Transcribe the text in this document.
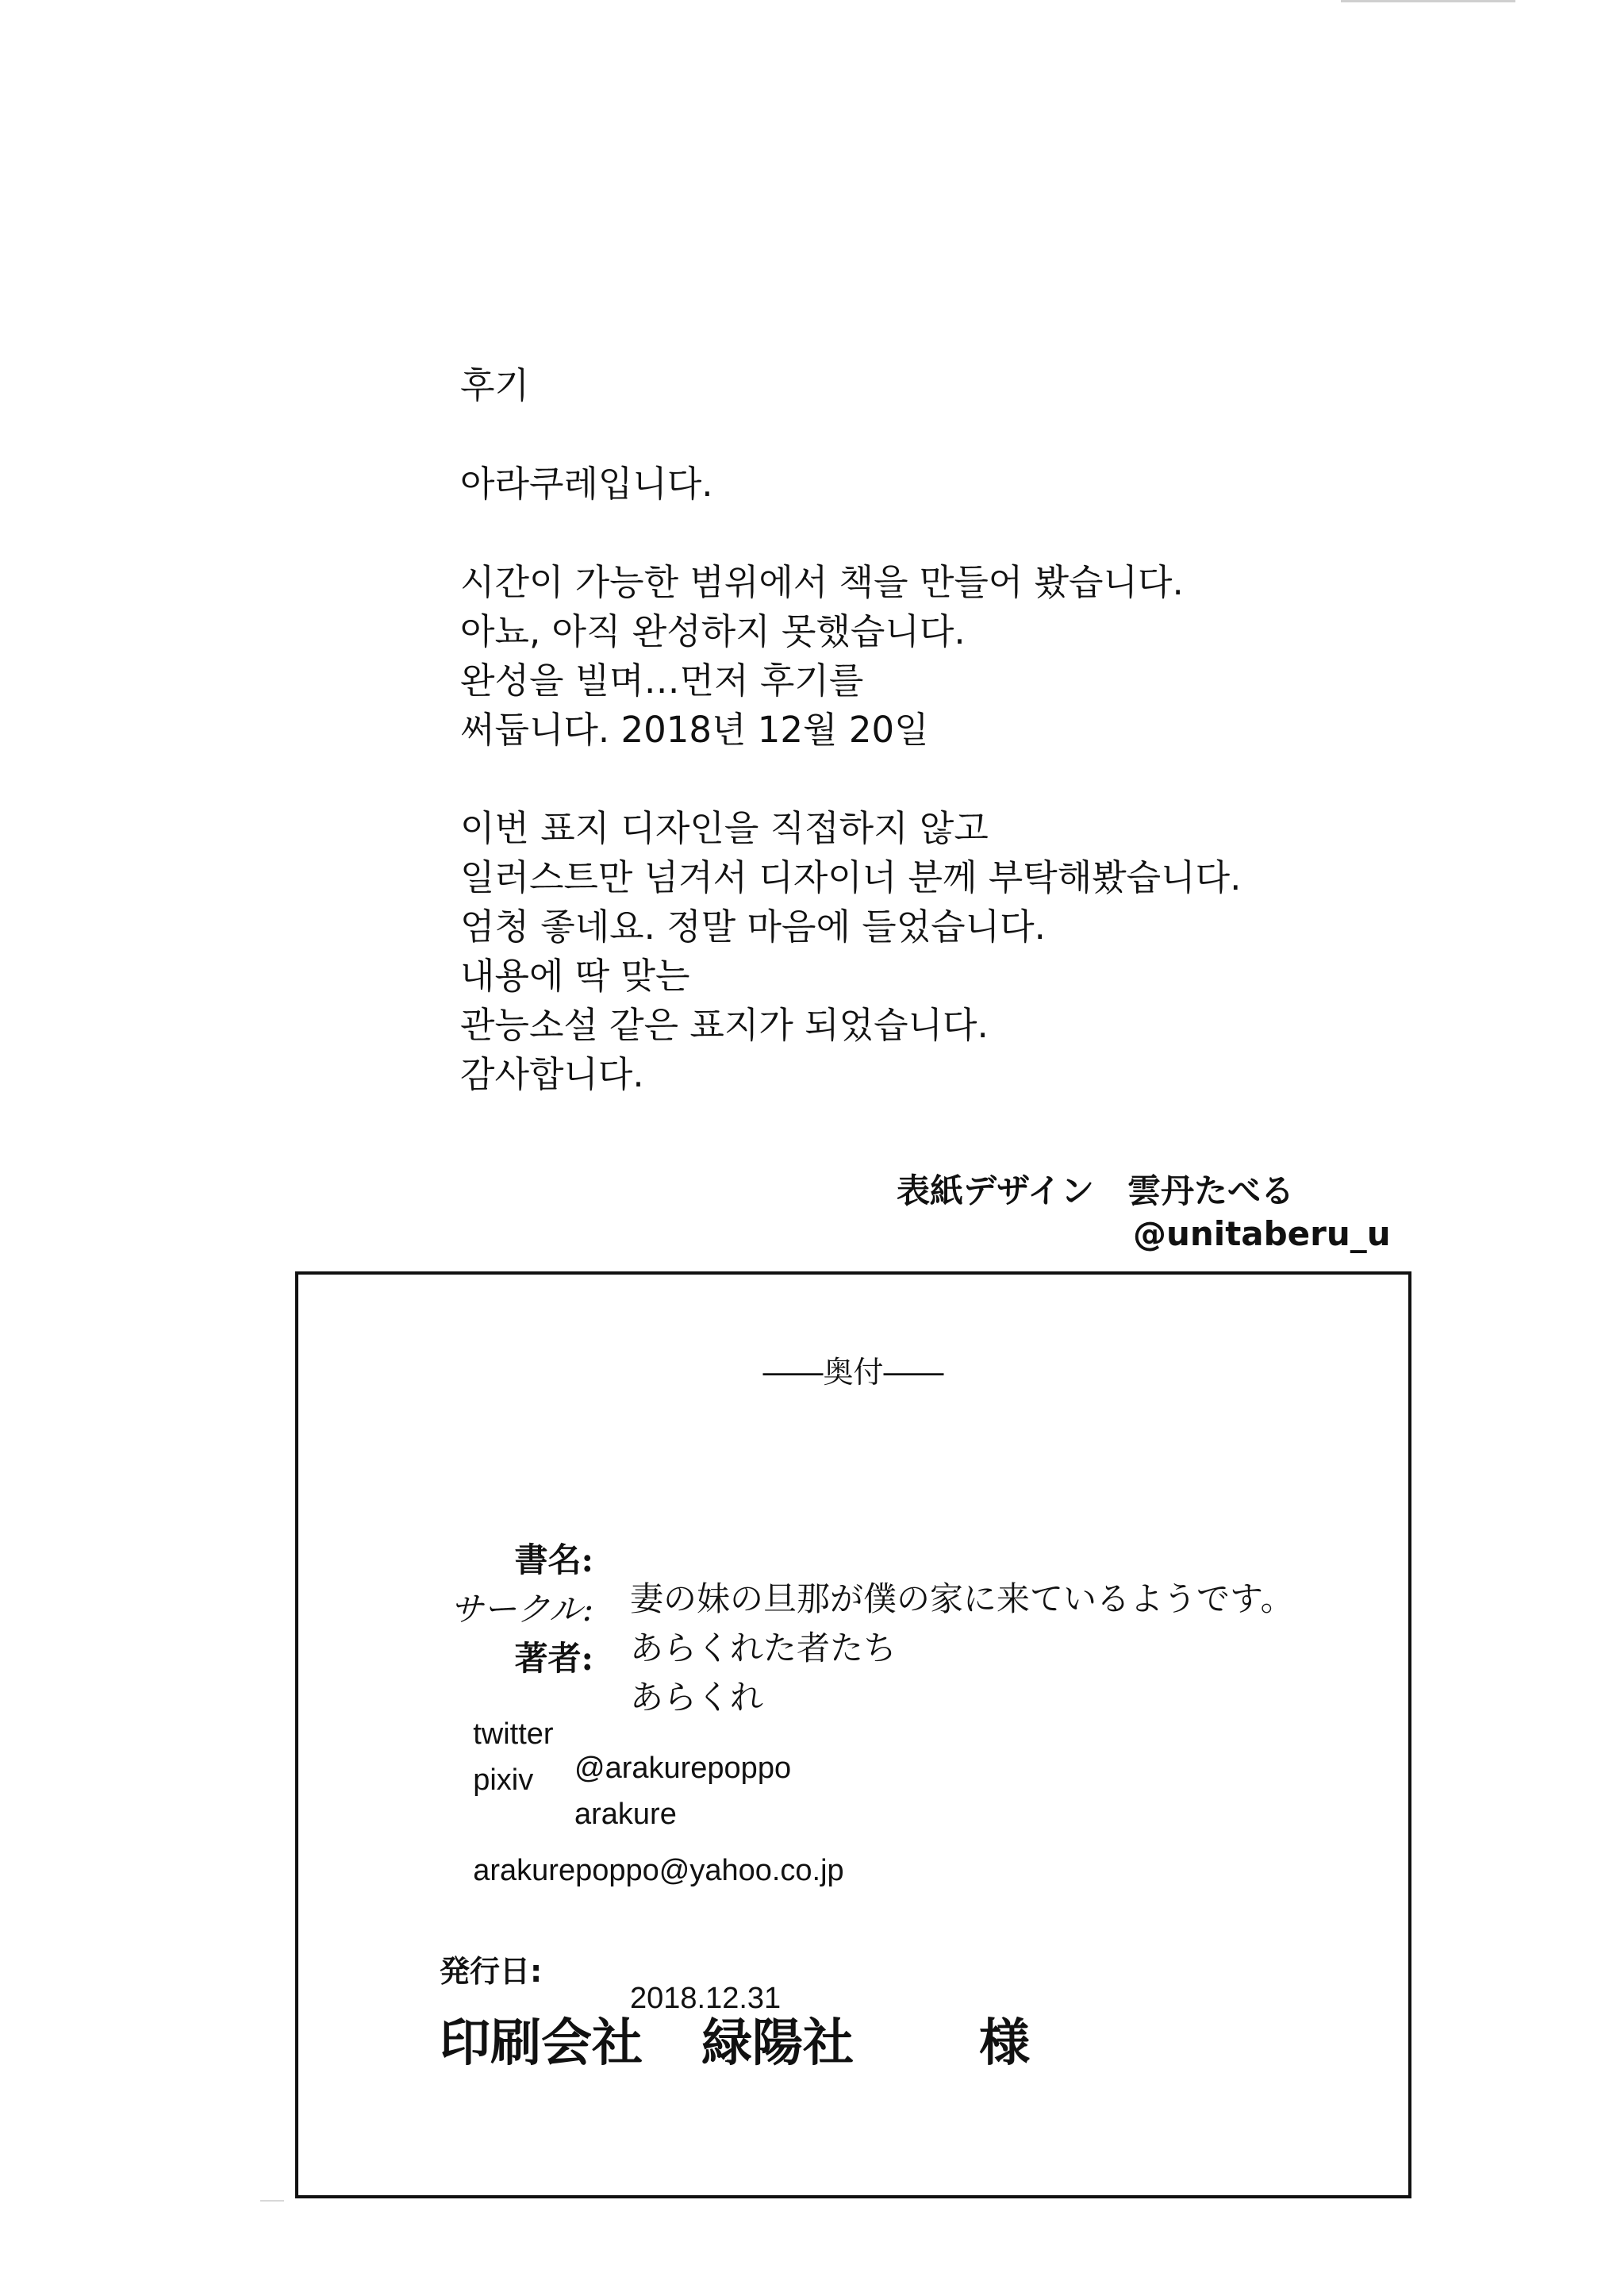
후기
아라쿠레입니다.
시간이 가능한 범위에서 책을 만들어 봤습니다.
아뇨, 아직 완성하지 못했습니다.
완성을 빌며…먼저 후기를
써둡니다. 2018년 12월 20일
이번 표지 디자인을 직접하지 않고
일러스트만 넘겨서 디자이너 분께 부탁해봤습니다.
엄청 좋네요. 정말 마음에 들었습니다.
내용에 딱 맞는
관능소설 같은 표지가 되었습니다.
감사합니다.
表紙デザイン　雲丹たべる
@unitaberu_u
――奥付――

書名:

妻の妹の旦那が僕の家に来ているようです。

サークル:

あらくれた者たち

著者:

あらくれ

twitter

@arakurepoppo

pixiv

arakure

arakurepoppo@yahoo.co.jp

発行日:

2018.12.31

印刷会社

緑陽社

様
